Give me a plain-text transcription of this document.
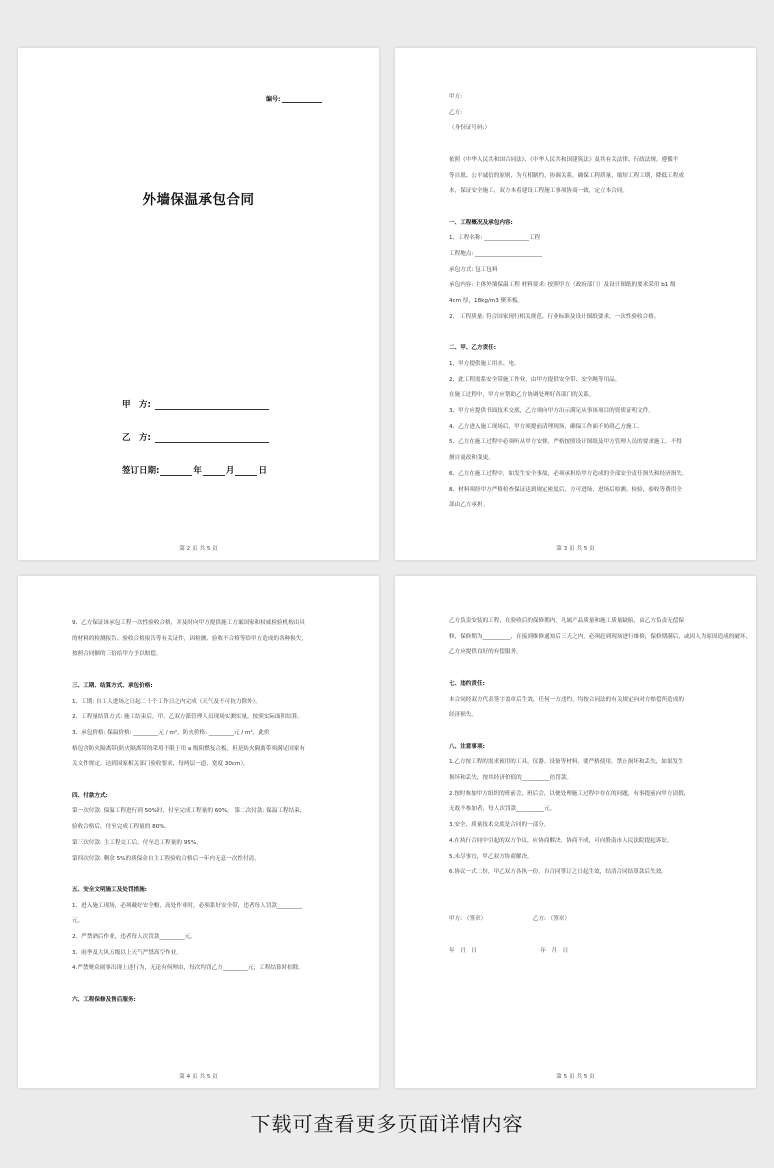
编号:
外墙保温承包合同
甲　方:
乙　方:
签订日期:	年	月	日
第 2 页 共 5 页	第 3 页 共 5 页
甲方:
乙方:
（身份证号码:）
依照《中华人民共和国合同法》、《中华人民共和国建筑法》及其有关法律、行政法规，遵循平
等自愿、公平诚信的原则，为互相制约，协调关系，确保工程质量，缩短工程工期，降低工程成
本，保证安全施工，双方本着建设工程施工事项协商一致，定立本合同。
一、工程概况及承包内容:
1、工程名称: ________________工程
工程地点: ________________________
承包方式: 包工包料
承包内容: 主体外墙保温工程 材料要求: 按照甲方（政府部门）及设计图纸的要求采用 b1 级
4cm 厚，18kg/m3 聚苯板。
2、 工程质量: 符合国家现行相关规范、行业标准及设计图纸要求，一次性验收合格。
二、甲、乙方责任:
1、甲方提供施工用水、电。
2、此工程需系安全带施工作业，由甲方提供安全带、安全绳等用品。
在施工过程中，甲方应帮助乙方协调处理好各部门的关系。
3、甲方应提供书面技术交底，乙方须向甲方出示满足从事该项目的资质证明文件。
4、乙方进入施工现场后，甲方须提前清理现场，确保工作面不妨碍乙方施工。
5、乙方在施工过程中必须听从甲方安排，严格按照设计图纸及甲方管理人员的要求施工，不得
擅自更改和变更。
6、乙方在施工过程中，如发生安全事故，必须承担给甲方造成的全部安全责任损失和经济损失。
8、材料须经甲方严格检查保证达到规定密度后，方可进场，进场后检测、检验，验收等费用全
部由乙方承担。
第 4 页 共 5 页
9、乙方保证该承包工程一次性验收合格，并及时向甲方提供施工方案国家和权威检验机构出具
的材料的检测报告、验收合格报告等有关证件，因检测、验收不合格等给甲方造成的各种损失，
按照合同额的三倍给甲方予以赔偿。
三、工期、结算方式、承包价格:
1、工期: 自工人进场之日起二十个工作日之内完成（天气及不可抗力除外）。
2、工程量结算方式: 施工结束后，甲、乙双方派管理人员现场实测实量，按照实际面积结算。
3、承包价格: 保温价格: _________元 / m²，防火价格: _________元 / m²，此价
格包含防火隔离带(防火隔离带的采用不限于用 a 级阻燃复合板，但是防火隔离带须满足国家有
关文件规定，达到国家相关部门验收要求，每两层一道，宽度 30cm）。
四、付款方式:
第一次付款: 保温工程进行到 50%时，付至完成工程量的 60%。 第二次付款: 保温工程结束，
验收合格后，付至完成工程量的 80%。
第三次付款: 主工程交工后，付至总工程量的 95%。
第四次付款: 剩余 5%的质保金自主工程验收合格后一年内无息一次性付清。
五、安全文明施工及处罚措施:
1、进入施工现场，必须戴好安全帽，高处作业时，必须系好安全带，违者每人罚款_________
元。
2、严禁酒后作业，违者每人次罚款_________元。
3、雨季及大风五级以上天气严禁高空作业。
4.严禁聚众闹事出现上述行为，无论有何理由，每次均罚乙方_________元，工程结算时扣除。
六、工程保修及售后服务:
第 5 页 共 5 页
乙方负责安装的工程，在验收后的保修期内，凡属产品质量和施工质量缺陷，由乙方负责无偿保
修，保修期为__________，在接到维修通知后三天之内，必须赶到现场进行维修，保修期满后，或因人为原因造成的破坏，
乙方应提供良好的有偿服务。
七、违约责任:
本合同经双方代表签字盖章后生效，任何一方违约，均按合同法的有关规定向对方赔偿所造成的
经济损失。
八、注意事项:
1.乙方按工程的需求预用的工具、仪器、设备等材料，要严格使用，禁止损坏和丢失，如果发生
损坏和丢失，按其经济价值的__________倍罚款。
2.按时参加甲方组织的班前会，班后会，以便处理施工过程中存在的问题，有事提前向甲方请假，
无故不参加者，每人次罚款__________元。
3.安全、质量技术交底是合同的一部分。
4.在执行合同中引起的双方争议，应协商解决，协商不成，可向股南市人民法院提起诉讼。
5.未尽事宜，甲乙双方协商解决。
6.协议一式二份，甲乙双方各执一份，自合同签订之日起生效，结清合同结算款后失效。
甲方: （签章） 　　　　　　　　乙方: （签章）
年　月　日 　　　　　　　　　　　年　月　日
下载可查看更多页面详情内容
